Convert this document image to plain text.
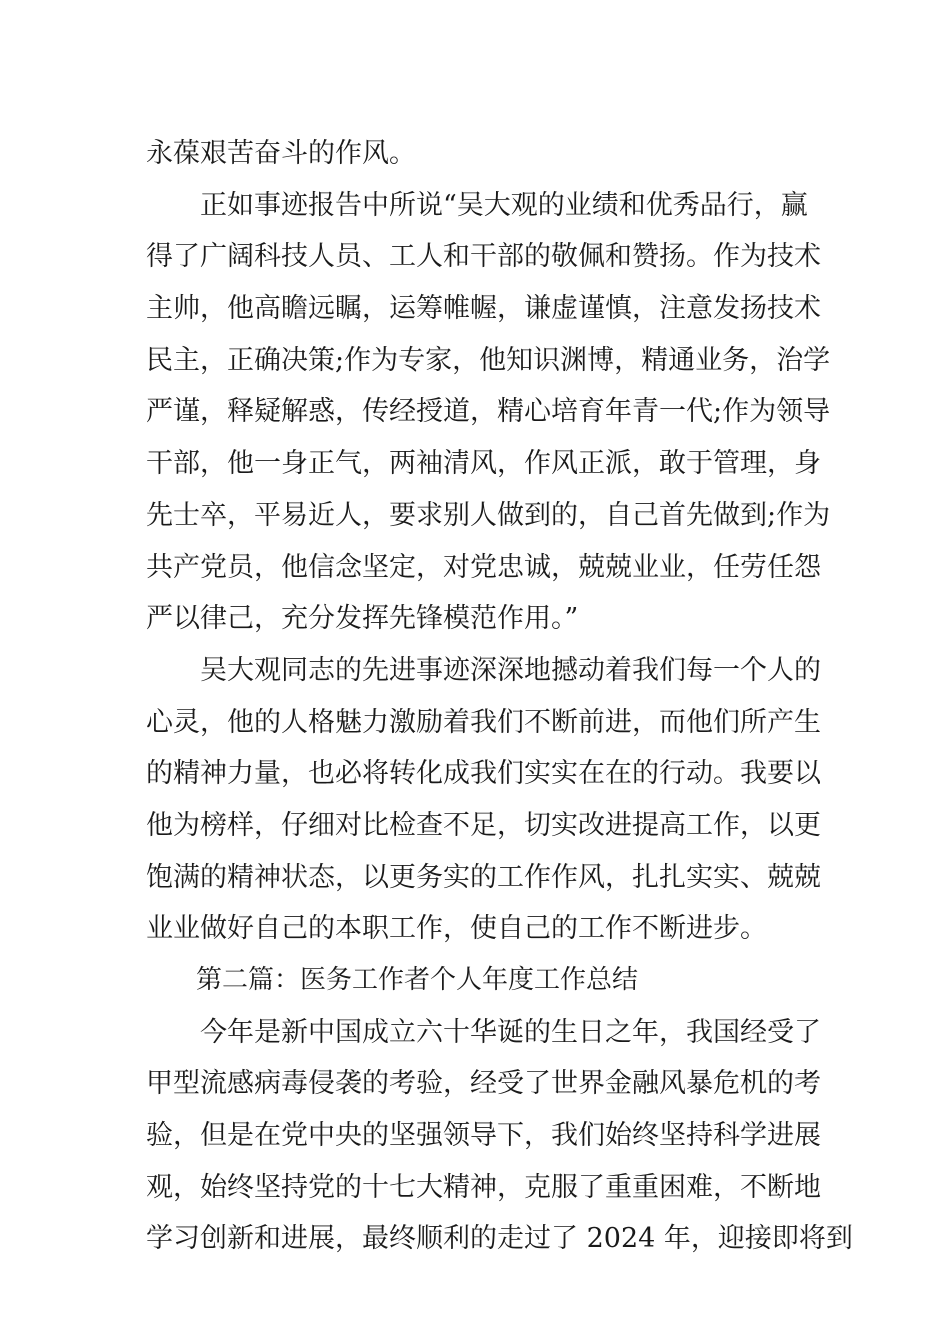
永葆艰苦奋斗的作风。
正如事迹报告中所说“吴大观的业绩和优秀品行，赢
得了广阔科技人员、工人和干部的敬佩和赞扬。作为技术
主帅，他高瞻远瞩，运筹帷幄，谦虚谨慎，注意发扬技术
民主，正确决策;作为专家，他知识渊博，精通业务，治学
严谨，释疑解惑，传经授道，精心培育年青一代;作为领导
干部，他一身正气，两袖清风，作风正派，敢于管理，身
先士卒，平易近人，要求别人做到的，自己首先做到;作为
共产党员，他信念坚定，对党忠诚，兢兢业业，任劳任怨
严以律己，充分发挥先锋模范作用。”
吴大观同志的先进事迹深深地撼动着我们每一个人的
心灵，他的人格魅力激励着我们不断前进，而他们所产生
的精神力量，也必将转化成我们实实在在的行动。我要以
他为榜样，仔细对比检查不足，切实改进提高工作，以更
饱满的精神状态，以更务实的工作作风，扎扎实实、兢兢
业业做好自己的本职工作，使自己的工作不断进步。
第二篇：医务工作者个人年度工作总结
今年是新中国成立六十华诞的生日之年，我国经受了
甲型流感病毒侵袭的考验，经受了世界金融风暴危机的考
验，但是在党中央的坚强领导下，我们始终坚持科学进展
观，始终坚持党的十七大精神，克服了重重困难，不断地
学习创新和进展，最终顺利的走过了 2024 年，迎接即将到
